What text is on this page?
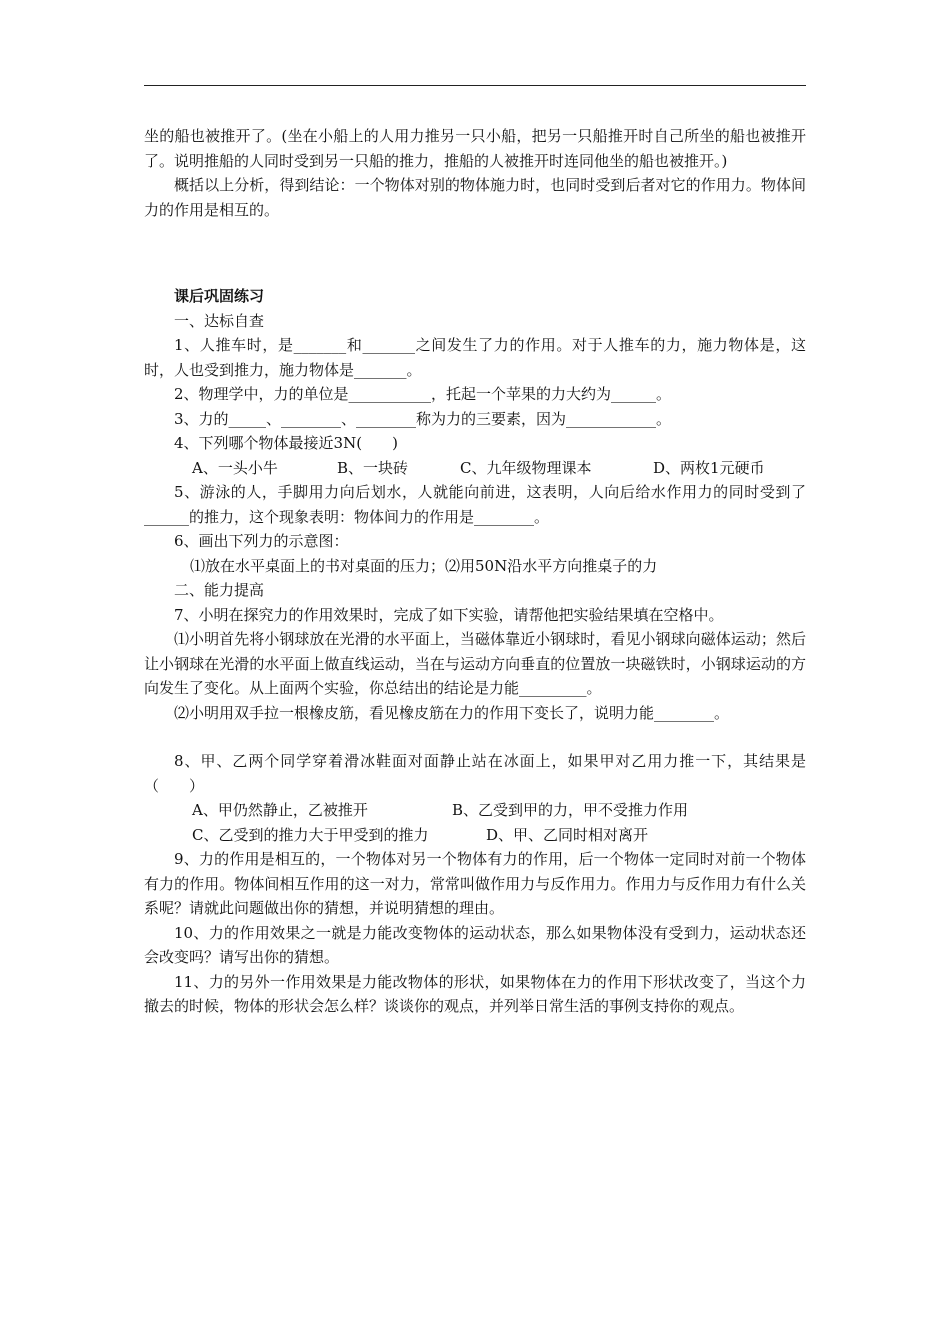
坐的船也被推开了。(坐在小船上的人用力推另一只小船，把另一只船推开时自己所坐的船也被推开了。说明推船的人同时受到另一只船的推力，推船的人被推开时连同他坐的船也被推开。)

概括以上分析，得到结论：一个物体对别的物体施力时，也同时受到后者对它的作用力。物体间力的作用是相互的。

课后巩固练习

一、达标自查

1、人推车时，是_______和_______之间发生了力的作用。对于人推车的力，施力物体是，这时，人也受到推力，施力物体是_______。

2、物理学中，力的单位是___________，托起一个苹果的力大约为______。

3、力的_____、________、________称为力的三要素，因为____________。

4、下列哪个物体最接近3N(　　)

A、一头小牛	B、一块砖	C、九年级物理课本	D、两枚1元硬币

5、游泳的人，手脚用力向后划水，人就能向前进，这表明，人向后给水作用力的同时受到了______的推力，这个现象表明：物体间力的作用是________。

6、画出下列力的示意图：

⑴放在水平桌面上的书对桌面的压力；⑵用50N沿水平方向推桌子的力

二、能力提高

7、小明在探究力的作用效果时，完成了如下实验，请帮他把实验结果填在空格中。

⑴小明首先将小钢球放在光滑的水平面上，当磁体靠近小钢球时，看见小钢球向磁体运动；然后让小钢球在光滑的水平面上做直线运动，当在与运动方向垂直的位置放一块磁铁时，小钢球运动的方向发生了变化。从上面两个实验，你总结出的结论是力能_________。

⑵小明用双手拉一根橡皮筋，看见橡皮筋在力的作用下变长了，说明力能________。

8、甲、乙两个同学穿着滑冰鞋面对面静止站在冰面上，如果甲对乙用力推一下，其结果是（　　）

A、甲仍然静止，乙被推开	B、乙受到甲的力，甲不受推力作用
C、乙受到的推力大于甲受到的推力	D、甲、乙同时相对离开

9、力的作用是相互的，一个物体对另一个物体有力的作用，后一个物体一定同时对前一个物体有力的作用。物体间相互作用的这一对力，常常叫做作用力与反作用力。作用力与反作用力有什么关系呢？请就此问题做出你的猜想，并说明猜想的理由。

10、力的作用效果之一就是力能改变物体的运动状态，那么如果物体没有受到力，运动状态还会改变吗？请写出你的猜想。

11、力的另外一作用效果是力能改物体的形状，如果物体在力的作用下形状改变了，当这个力撤去的时候，物体的形状会怎么样？谈谈你的观点，并列举日常生活的事例支持你的观点。
